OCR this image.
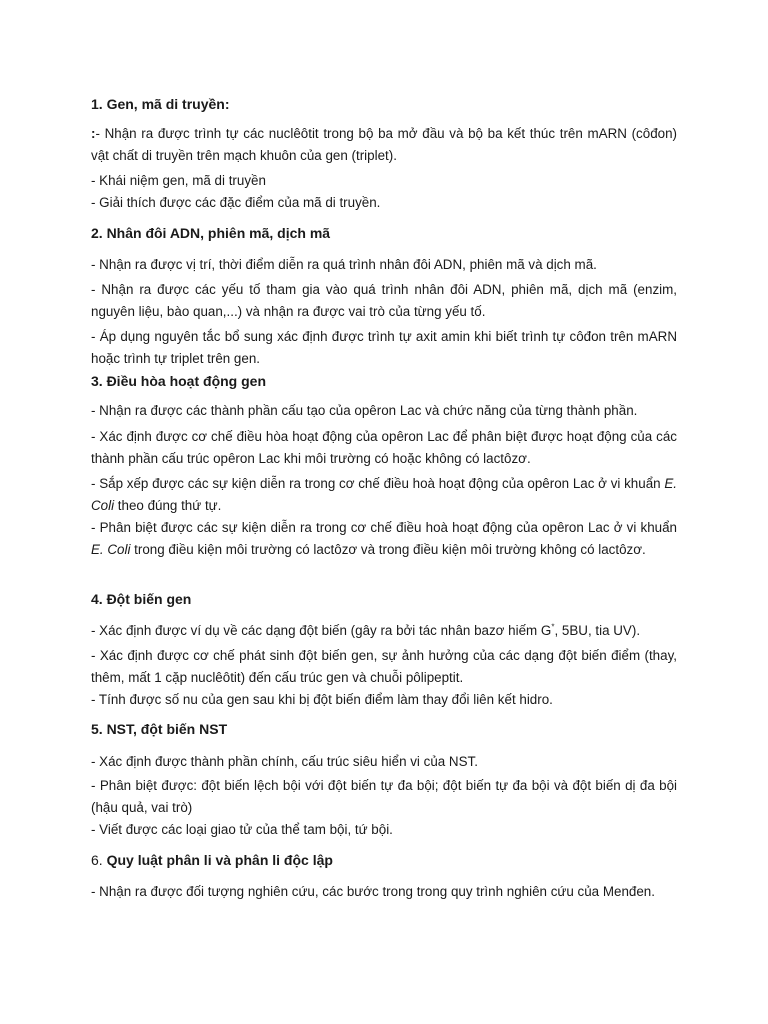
1. Gen, mã di truyền:

:- Nhận ra được trình tự các nuclêôtit trong bộ ba mở đầu và bộ ba kết thúc trên mARN (côđon) vật chất di truyền trên mạch khuôn của gen (triplet).

- Khái niệm gen, mã di truyền

- Giải thích được các đặc điểm của mã di truyền.

2. Nhân đôi ADN, phiên mã, dịch mã

- Nhận ra được vị trí, thời điểm diễn ra quá trình nhân đôi ADN, phiên mã và dịch mã.

- Nhận ra được các yếu tố tham gia vào quá trình nhân đôi ADN, phiên mã, dịch mã (enzim, nguyên liệu, bào quan,...) và nhận ra được vai trò của từng yếu tố.

- Áp dụng nguyên tắc bổ sung xác định được trình tự axit amin khi biết trình tự côđon trên mARN hoặc trình tự triplet trên gen.

3. Điều hòa hoạt động gen

- Nhận ra được các thành phần cấu tạo của opêron Lac và chức năng của từng thành phần.

- Xác định được cơ chế điều hòa hoạt động của opêron Lac để phân biệt được hoạt động của các thành phần cấu trúc opêron Lac khi môi trường có hoặc không có lactôzơ.

- Sắp xếp được các sự kiện diễn ra trong cơ chế điều hoà hoạt động của opêron Lac ở vi khuẩn E. Coli theo đúng thứ tự.

- Phân biệt được các sự kiện diễn ra trong cơ chế điều hoà hoạt động của opêron Lac ở vi khuẩn E. Coli trong điều kiện môi trường có lactôzơ và trong điều kiện môi trường không có lactôzơ.

4. Đột biến gen

- Xác định được ví dụ về các dạng đột biến (gây ra bởi tác nhân bazơ hiếm G*, 5BU, tia UV).

- Xác định được cơ chế phát sinh đột biến gen, sự ảnh hưởng của các dạng đột biến điểm (thay, thêm, mất 1 cặp nuclêôtit) đến cấu trúc gen và chuỗi pôlipeptit.

- Tính được số nu của gen sau khi bị đột biến điểm làm thay đổi liên kết hidro.

5. NST, đột biến NST

- Xác định được thành phần chính, cấu trúc siêu hiển vi của NST.

- Phân biệt được: đột biến lệch bội với đột biến tự đa bội; đột biến tự đa bội và đột biến dị đa bội (hậu quả, vai trò)

- Viết được các loại giao tử của thể tam bội, tứ bội.

6. Quy luật phân li và phân li độc lập

- Nhận ra được đối tượng nghiên cứu, các bước trong trong quy trình nghiên cứu của Menđen.
